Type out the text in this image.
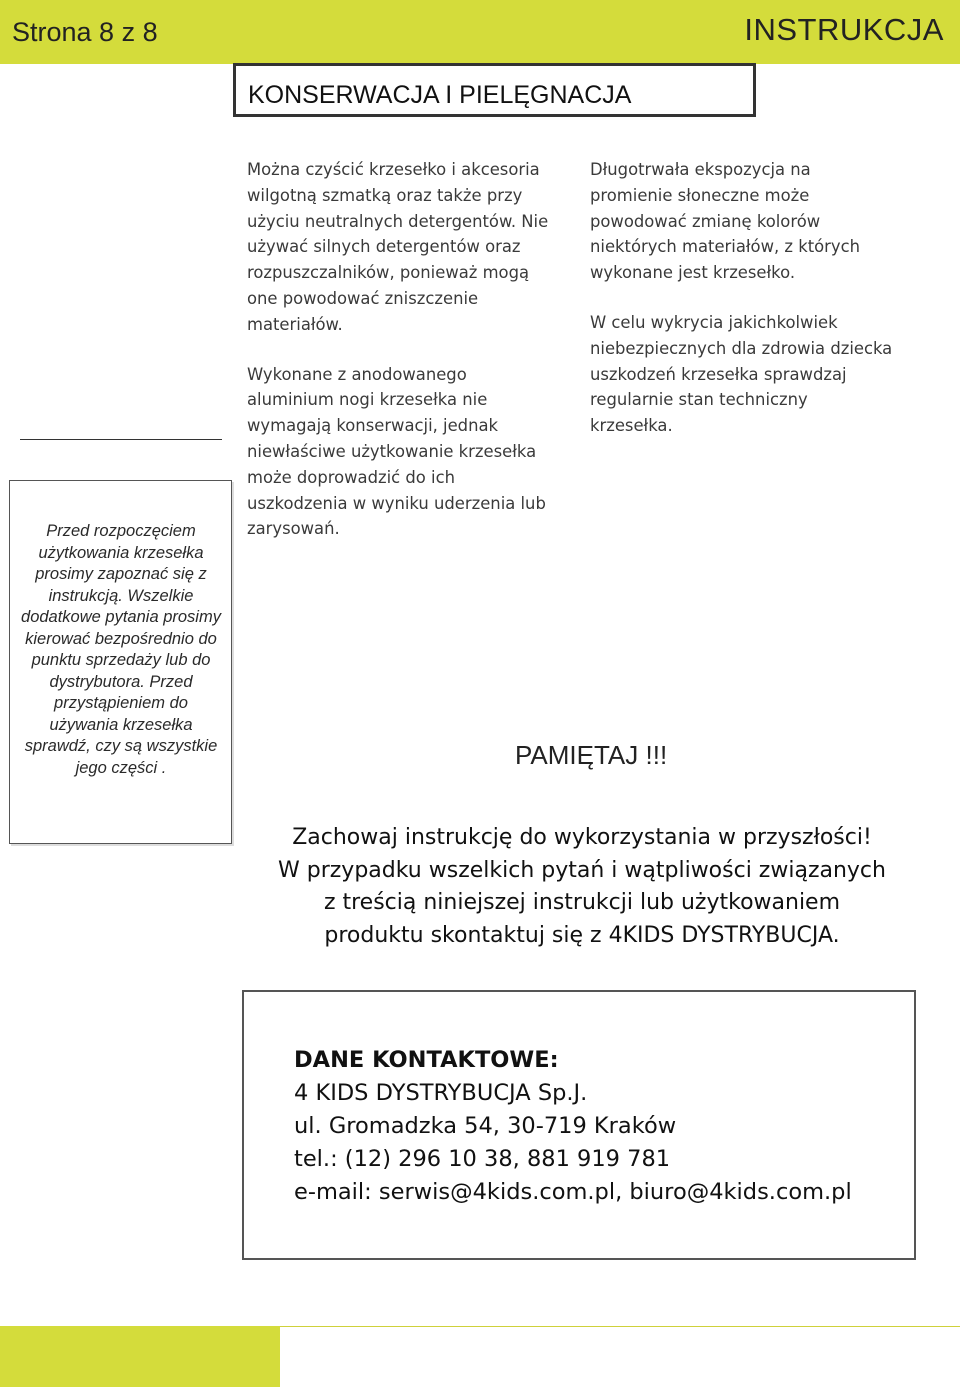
Strona 8 z 8	INSTRUKCJA
KONSERWACJA I PIELĘGNACJA
Przed rozpoczęciem użytkowania krzesełka prosimy zapoznać się z instrukcją. Wszelkie dodatkowe pytania prosimy kierować bezpośrednio do punktu sprzedaży lub do dystrybutora. Przed przystąpieniem do używania krzesełka sprawdź, czy są wszystkie jego części .

Można czyścić krzesełko i akcesoria wilgotną szmatką oraz także przy użyciu neutralnych detergentów. Nie używać silnych detergentów oraz rozpuszczalników, ponieważ mogą one powodować zniszczenie materiałów.

Wykonane z anodowanego aluminium nogi krzesełka nie wymagają konserwacji, jednak niewłaściwe użytkowanie krzesełka może doprowadzić do ich uszkodzenia w wyniku uderzenia lub zarysowań.

Długotrwała ekspozycja na promienie słoneczne może powodować zmianę kolorów niektórych materiałów, z których wykonane jest krzesełko.

W celu wykrycia jakichkolwiek niebezpiecznych dla zdrowia dziecka uszkodzeń krzesełka sprawdzaj regularnie stan techniczny krzesełka.

PAMIĘTAJ !!!
Zachowaj instrukcję do wykorzystania w przyszłości!
W przypadku wszelkich pytań i wątpliwości związanych
z treścią niniejszej instrukcji lub użytkowaniem
produktu skontaktuj się z 4KIDS DYSTRYBUCJA.
DANE KONTAKTOWE:
4 KIDS DYSTRYBUCJA Sp.J.
ul. Gromadzka 54, 30-719 Kraków
tel.: (12) 296 10 38, 881 919 781
e-mail: serwis@4kids.com.pl, biuro@4kids.com.pl
